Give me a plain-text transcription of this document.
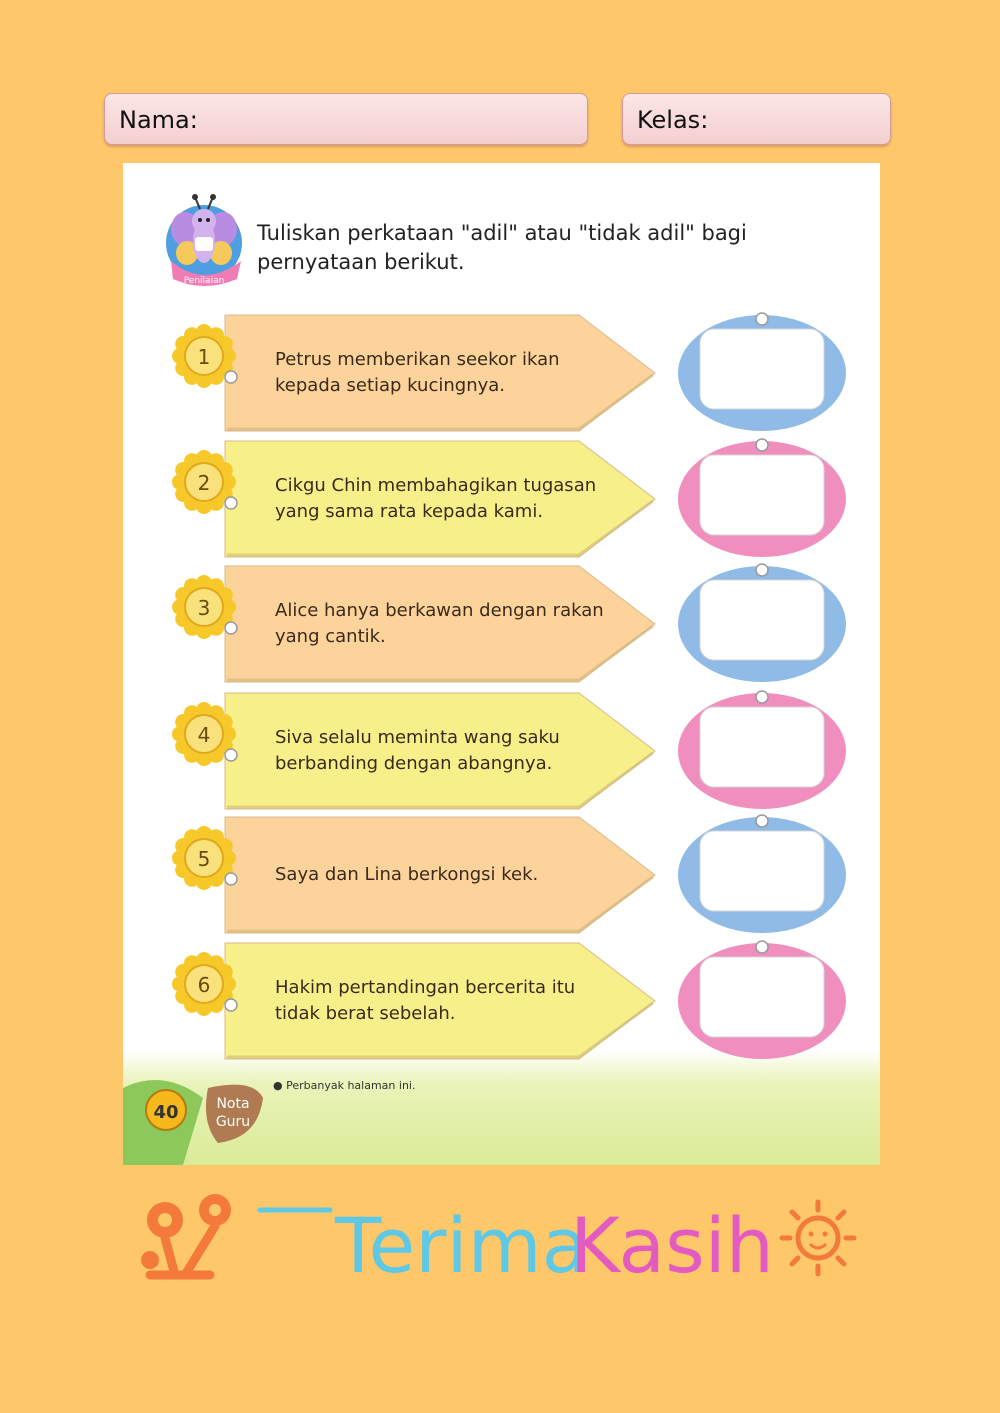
Nama:	Kelas:
Penilaian
Tuliskan perkataan "adil" atau "tidak adil" bagi pernyataan berikut.
1	Petrus memberikan seekor ikan kepada setiap kucingnya.
2	Cikgu Chin membahagikan tugasan yang sama rata kepada kami.
3	Alice hanya berkawan dengan rakan yang cantik.
4	Siva selalu meminta wang saku berbanding dengan abangnya.
5
Saya dan Lina berkongsi kek.
6	Hakim pertandingan bercerita itu tidak berat sebelah.
40	Nota
Guru
● Perbanyak halaman ini.
Terima
Kasih
